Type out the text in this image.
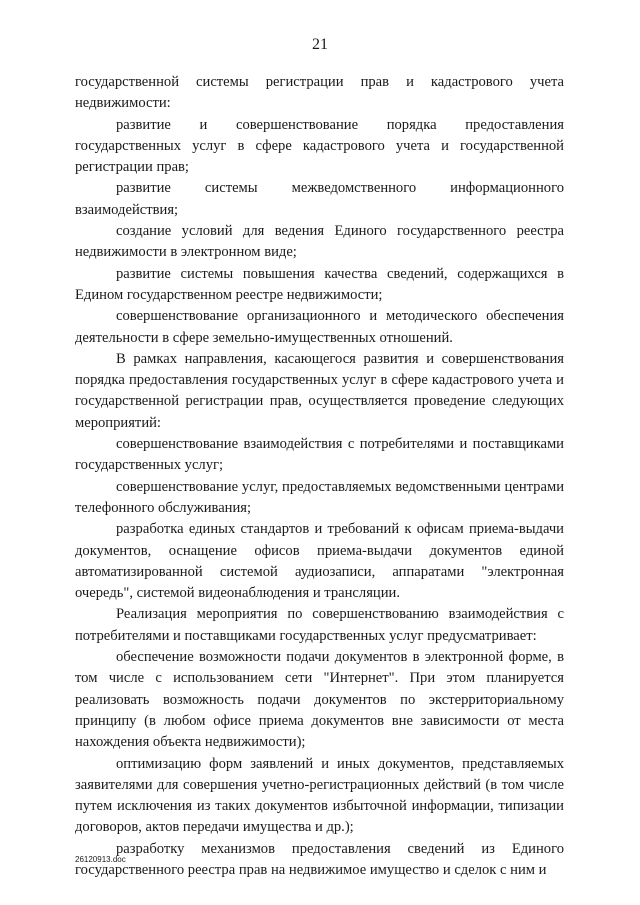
21

государственной системы регистрации прав и кадастрового учета недвижимости:

развитие и совершенствование порядка предоставления государственных услуг в сфере кадастрового учета и государственной регистрации прав;

развитие системы межведомственного информационного взаимодействия;

создание условий для ведения Единого государственного реестра недвижимости в электронном виде;

развитие системы повышения качества сведений, содержащихся в Едином государственном реестре недвижимости;

совершенствование организационного и методического обеспечения деятельности в сфере земельно-имущественных отношений.

В рамках направления, касающегося развития и совершенствования порядка предоставления государственных услуг в сфере кадастрового учета и государственной регистрации прав, осуществляется проведение следующих мероприятий:

совершенствование взаимодействия с потребителями и поставщиками государственных услуг;

совершенствование услуг, предоставляемых ведомственными центрами телефонного обслуживания;

разработка единых стандартов и требований к офисам приема-выдачи документов, оснащение офисов приема-выдачи документов единой автоматизированной системой аудиозаписи, аппаратами "электронная очередь", системой видеонаблюдения и трансляции.

Реализация мероприятия по совершенствованию взаимодействия с потребителями и поставщиками государственных услуг предусматривает:

обеспечение возможности подачи документов в электронной форме, в том числе с использованием сети "Интернет". При этом планируется реализовать возможность подачи документов по экстерриториальному принципу (в любом офисе приема документов вне зависимости от места нахождения объекта недвижимости);

оптимизацию форм заявлений и иных документов, представляемых заявителями для совершения учетно-регистрационных действий (в том числе путем исключения из таких документов избыточной информации, типизации договоров, актов передачи имущества и др.);

разработку механизмов предоставления сведений из Единого государственного реестра прав на недвижимое имущество и сделок с ним и

26120913.doc
